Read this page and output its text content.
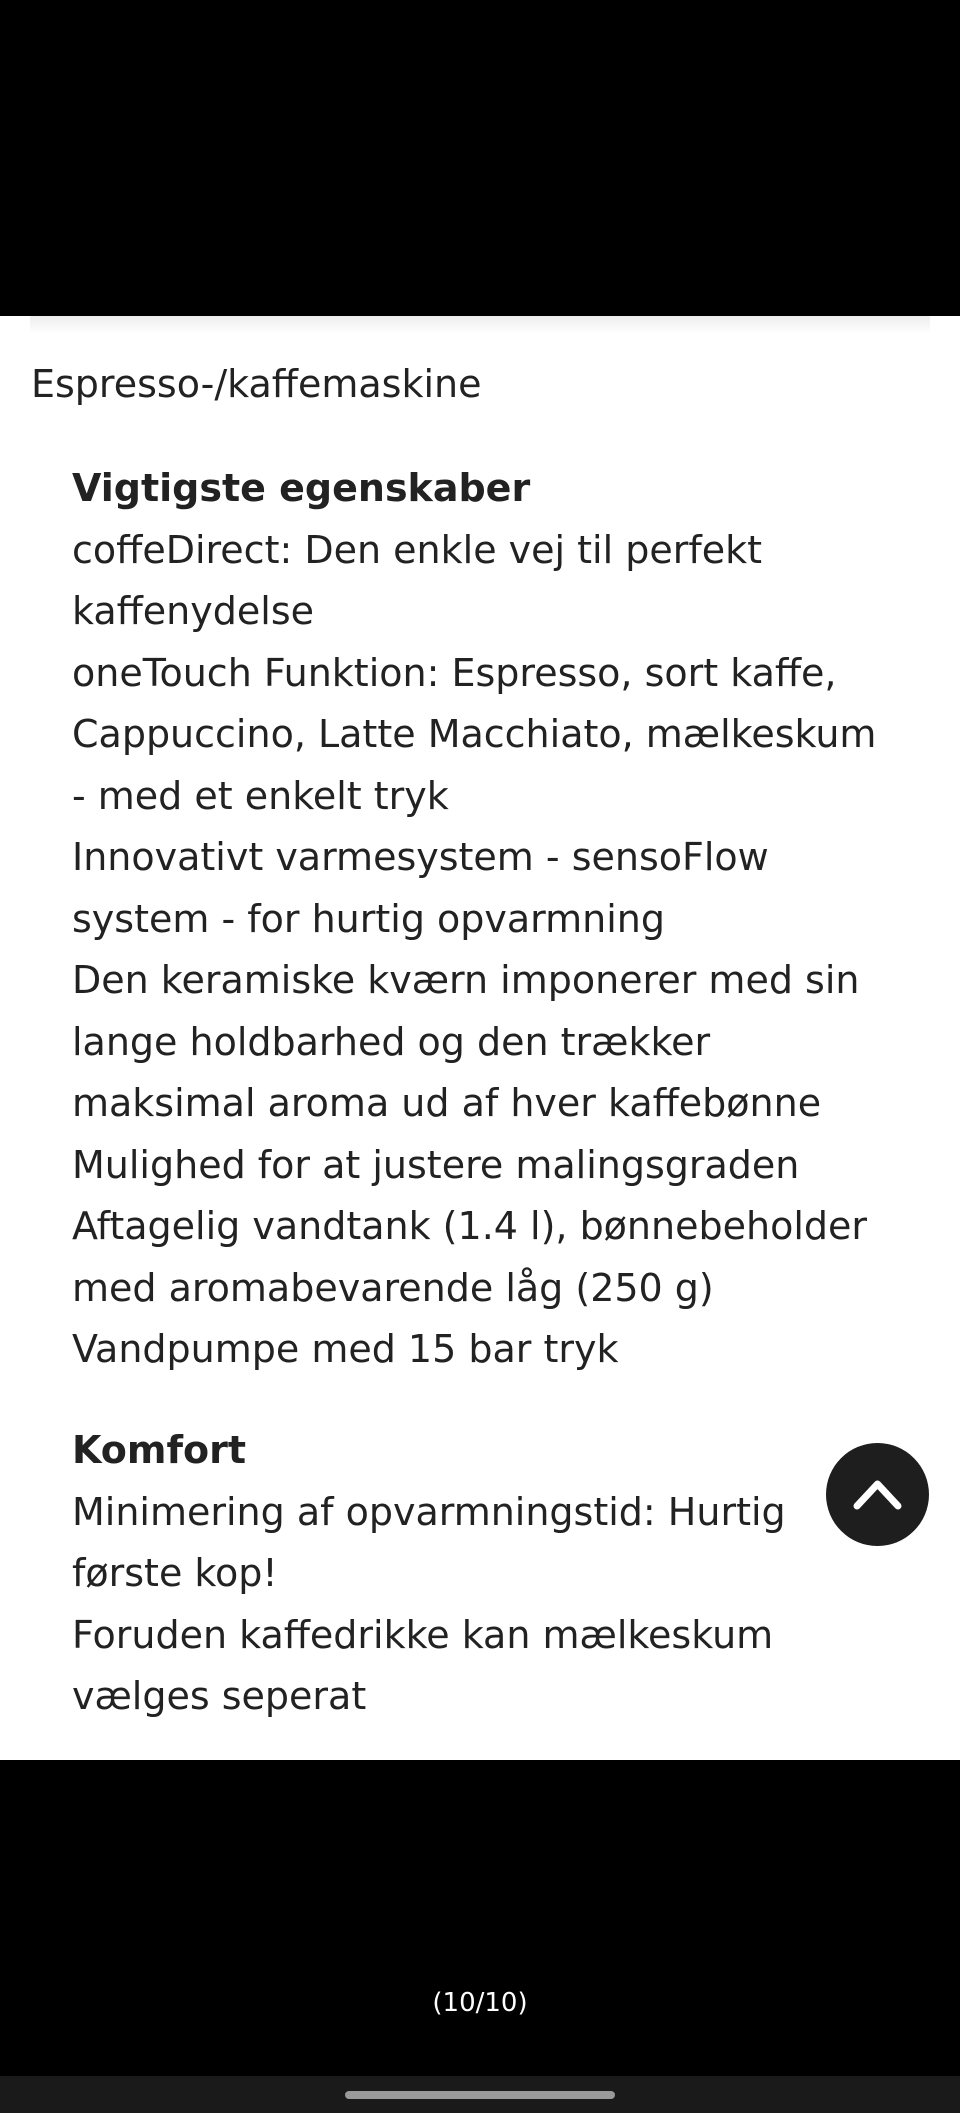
Espresso-/kaffemaskine
Vigtigste egenskaber
coffeDirect: Den enkle vej til perfekt kaffenydelse
oneTouch Funktion: Espresso, sort kaffe, Cappuccino, Latte Macchiato, mælkeskum - med et enkelt tryk
Innovativt varmesystem - sensoFlow system - for hurtig opvarmning
Den keramiske kværn imponerer med sin lange holdbarhed og den trækker maksimal aroma ud af hver kaffebønne
Mulighed for at justere malingsgraden
Aftagelig vandtank (1.4 l), bønnebeholder med aromabevarende låg (250 g)
Vandpumpe med 15 bar tryk
Komfort
Minimering af opvarmningstid: Hurtig første kop!
Foruden kaffedrikke kan mælkeskum vælges seperat
(10/10)
